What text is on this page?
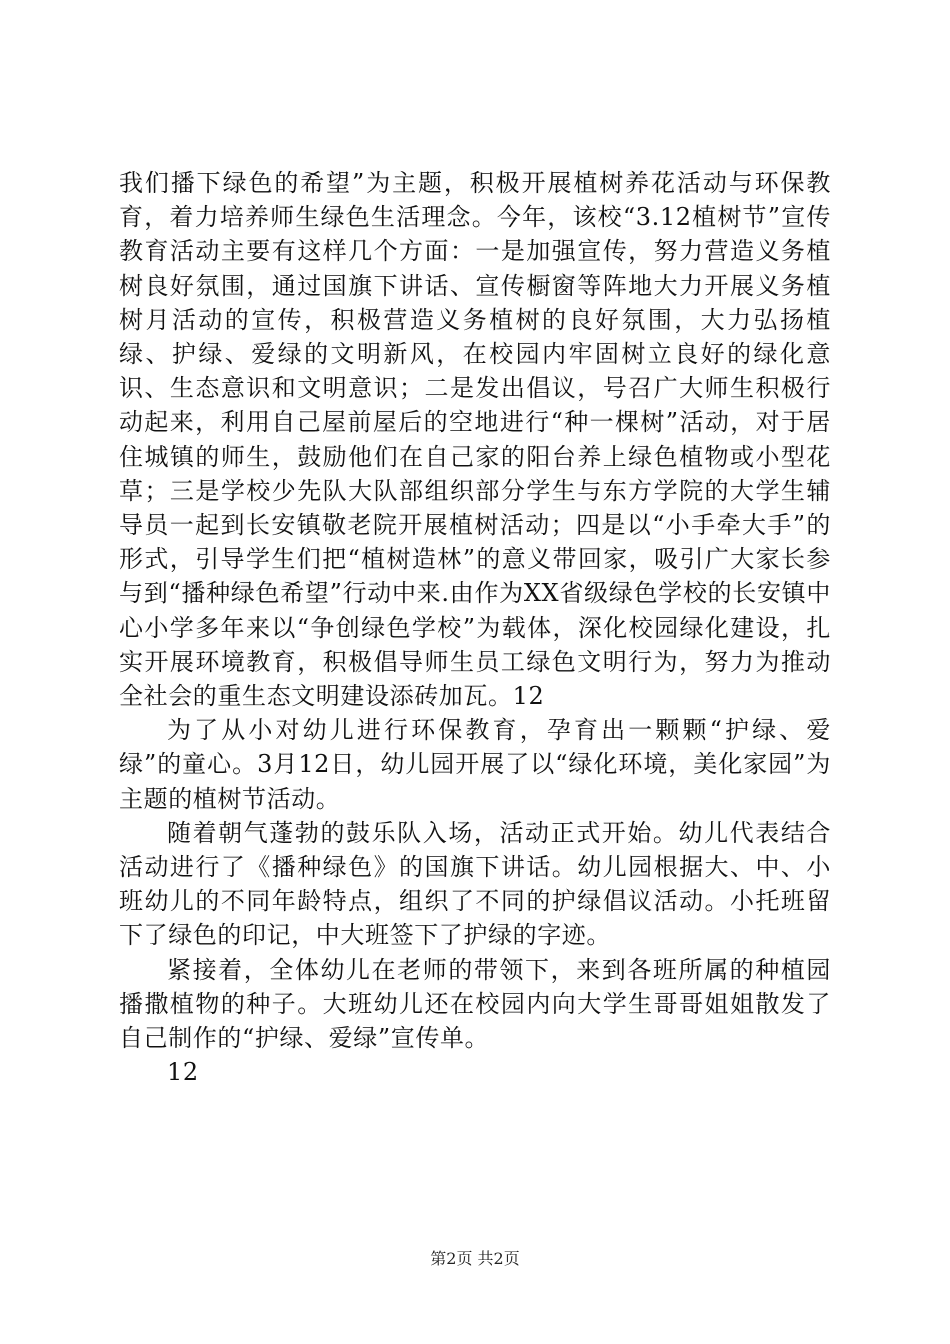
我们播下绿色的希望”为主题，积极开展植树养花活动与环保教育，着力培养师生绿色生活理念。今年，该校“3.12植树节”宣传教育活动主要有这样几个方面：一是加强宣传，努力营造义务植树良好氛围，通过国旗下讲话、宣传橱窗等阵地大力开展义务植树月活动的宣传，积极营造义务植树的良好氛围，大力弘扬植绿、护绿、爱绿的文明新风，在校园内牢固树立良好的绿化意识、生态意识和文明意识；二是发出倡议，号召广大师生积极行动起来，利用自己屋前屋后的空地进行“种一棵树”活动，对于居住城镇的师生，鼓励他们在自己家的阳台养上绿色植物或小型花草；三是学校少先队大队部组织部分学生与东方学院的大学生辅导员一起到长安镇敬老院开展植树活动；四是以“小手牵大手”的形式，引导学生们把“植树造林”的意义带回家，吸引广大家长参与到“播种绿色希望”行动中来.由作为XX省级绿色学校的长安镇中心小学多年来以“争创绿色学校”为载体，深化校园绿化建设，扎实开展环境教育，积极倡导师生员工绿色文明行为，努力为推动全社会的重生态文明建设添砖加瓦。12

为了从小对幼儿进行环保教育，孕育出一颗颗“护绿、爱绿”的童心。3月12日，幼儿园开展了以“绿化环境，美化家园”为主题的植树节活动。

随着朝气蓬勃的鼓乐队入场，活动正式开始。幼儿代表结合活动进行了《播种绿色》的国旗下讲话。幼儿园根据大、中、小班幼儿的不同年龄特点，组织了不同的护绿倡议活动。小托班留下了绿色的印记，中大班签下了护绿的字迹。

紧接着，全体幼儿在老师的带领下，来到各班所属的种植园播撒植物的种子。大班幼儿还在校园内向大学生哥哥姐姐散发了自己制作的“护绿、爱绿”宣传单。

12

第2页 共2页
